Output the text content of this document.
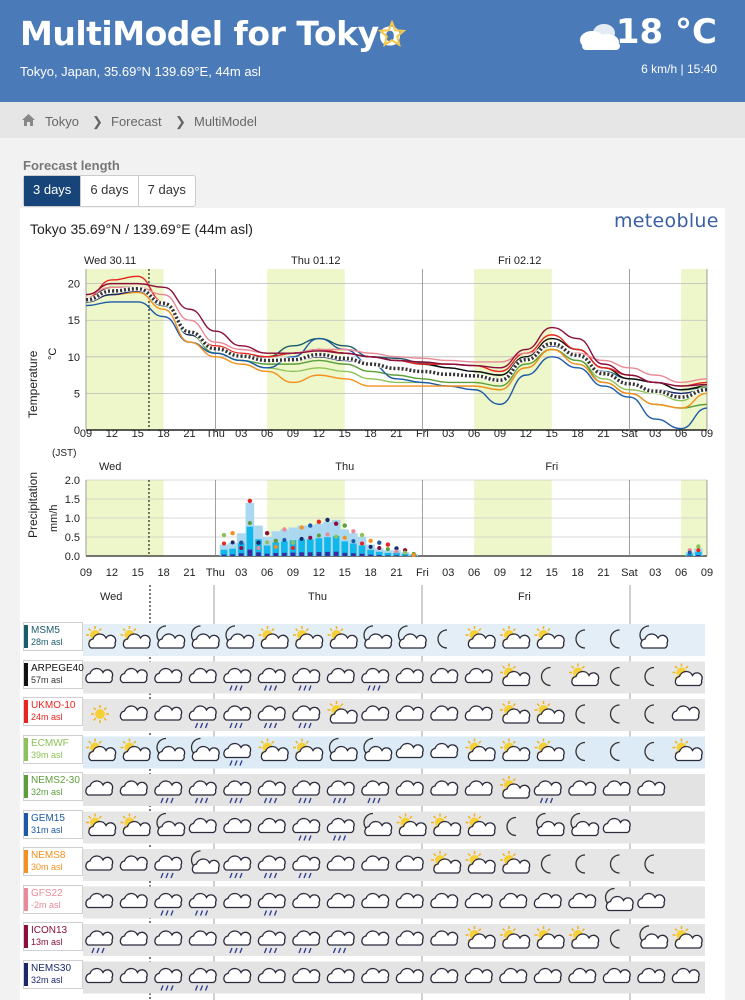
MultiModel for Tokyo
Tokyo, Japan, 35.69°N 139.69°E, 44m asl
18 °C
6 km/h | 15:40
Tokyo ❯ Forecast ❯ MultiModel
Forecast length
3 days	6 days	7 days
Tokyo 35.69°N / 139.69°E (44m asl)	meteoblue
0
5
10
15
20
Wed 30.11	Thu 01.12	Fri 02.12
09 12 15 18 21 Thu 03 06 09 12 15 18 21 Fri 03 06 09 12 15 18 21 Sat 03 06 09
(JST)
Temperature °C
0.0
0.5
1.0
1.5
2.0
Wed	Thu	Fri
09 12 15 18 21 Thu 03 06 09 12 15 18 21 Fri 03 06 09 12 15 18 21 Sat 03 06 09
Precipitation mm/h
Wed	Thu	Fri
MSM5
28m asl
ARPEGE40
57m asl
UKMO-10
24m asl
ECMWF
39m asl
NEMS2-30
32m asl
GEM15
31m asl
NEMS8
30m asl
GFS22
-2m asl
ICON13
13m asl
NEMS30
32m asl
